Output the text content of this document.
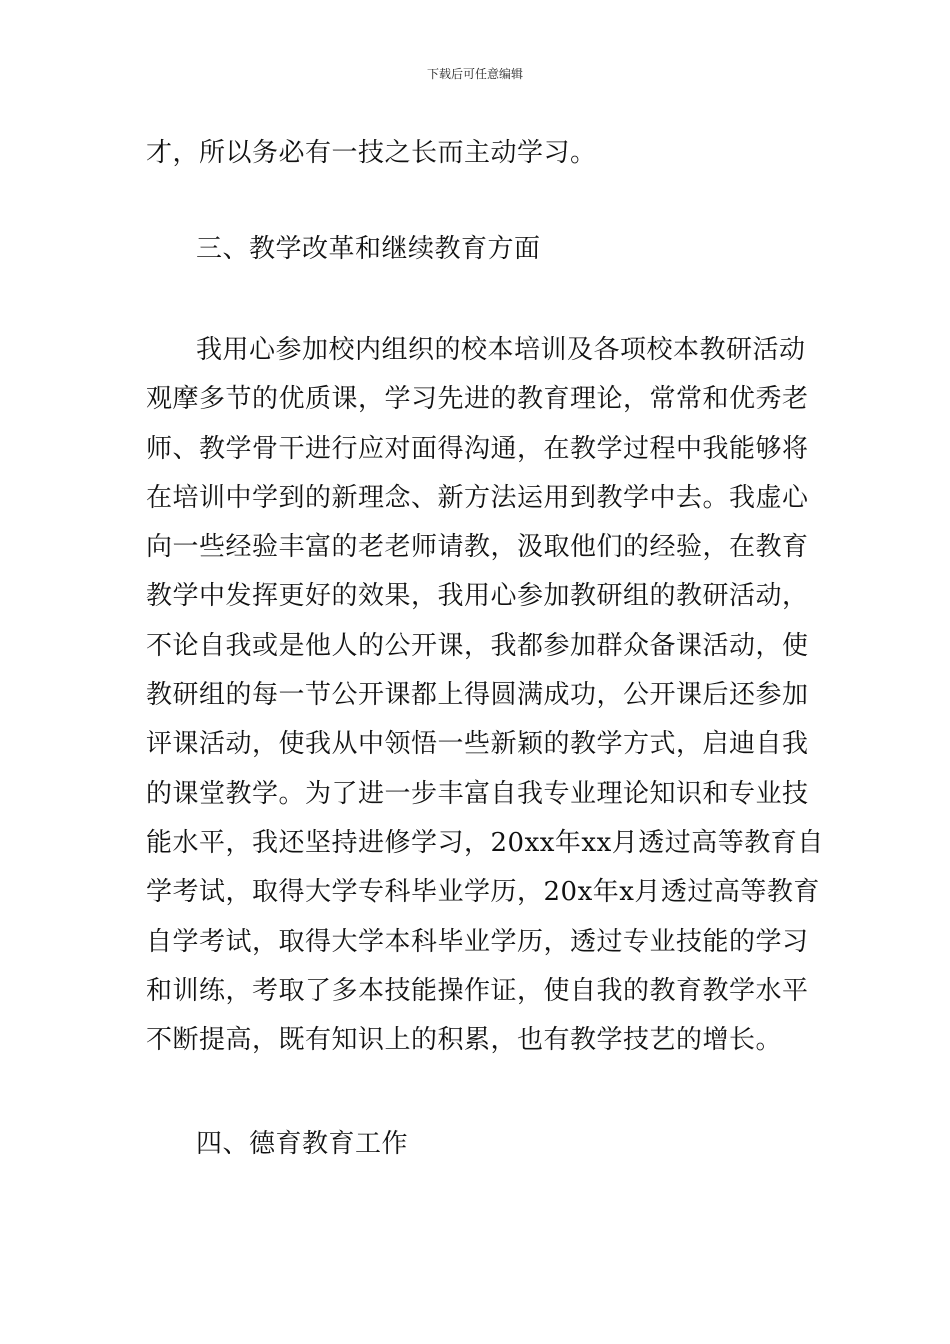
下载后可任意编辑
才，所以务必有一技之长而主动学习。
三、教学改革和继续教育方面
我用心参加校内组织的校本培训及各项校本教研活动
观摩多节的优质课，学习先进的教育理论，常常和优秀老
师、教学骨干进行应对面得沟通，在教学过程中我能够将
在培训中学到的新理念、新方法运用到教学中去。我虚心
向一些经验丰富的老老师请教，汲取他们的经验，在教育
教学中发挥更好的效果，我用心参加教研组的教研活动，
不论自我或是他人的公开课，我都参加群众备课活动，使
教研组的每一节公开课都上得圆满成功，公开课后还参加
评课活动，使我从中领悟一些新颖的教学方式，启迪自我
的课堂教学。为了进一步丰富自我专业理论知识和专业技
能水平，我还坚持进修学习，20xx年xx月透过高等教育自
学考试，取得大学专科毕业学历，20x年x月透过高等教育
自学考试，取得大学本科毕业学历，透过专业技能的学习
和训练，考取了多本技能操作证，使自我的教育教学水平
不断提高，既有知识上的积累，也有教学技艺的增长。
四、德育教育工作
